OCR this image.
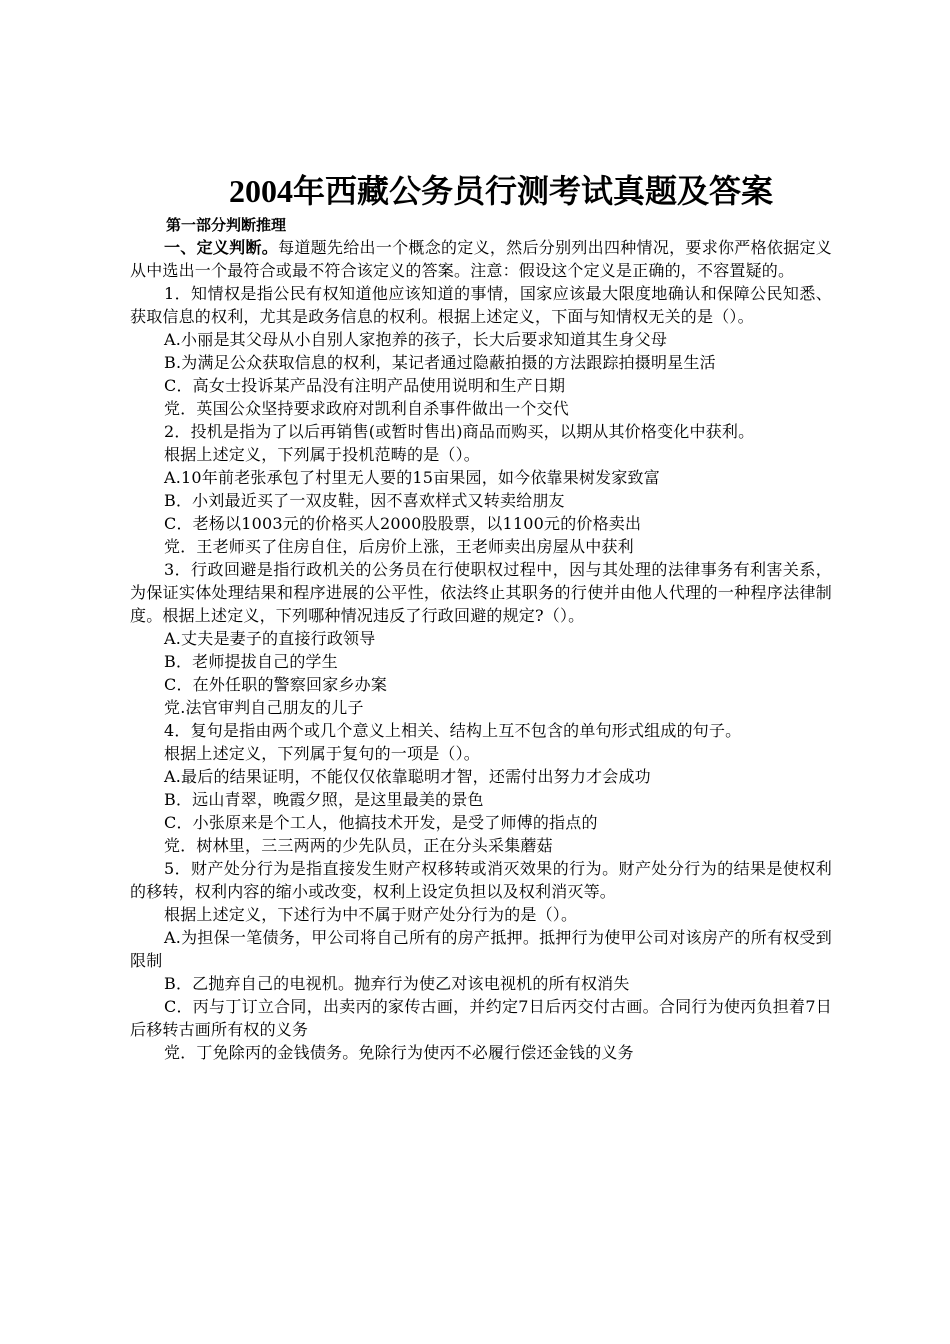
2004年西藏公务员行测考试真题及答案

第一部分判断推理

一、定义判断。每道题先给出一个概念的定义，然后分别列出四种情况，要求你严格依据定义从中选出一个最符合或最不符合该定义的答案。注意：假设这个定义是正确的，不容置疑的。

1．知情权是指公民有权知道他应该知道的事情，国家应该最大限度地确认和保障公民知悉、获取信息的权利，尤其是政务信息的权利。根据上述定义，下面与知情权无关的是（）。

A.小丽是其父母从小自别人家抱养的孩子，长大后要求知道其生身父母

B.为满足公众获取信息的权利，某记者通过隐蔽拍摄的方法跟踪拍摄明星生活

C．高女士投诉某产品没有注明产品使用说明和生产日期

党．英国公众坚持要求政府对凯利自杀事件做出一个交代

2．投机是指为了以后再销售(或暂时售出)商品而购买，以期从其价格变化中获利。

根据上述定义，下列属于投机范畴的是（）。

A.10年前老张承包了村里无人要的15亩果园，如今依靠果树发家致富

B．小刘最近买了一双皮鞋，因不喜欢样式又转卖给朋友

C．老杨以1003元的价格买人2000股股票，以1100元的价格卖出

党．王老师买了住房自住，后房价上涨，王老师卖出房屋从中获利

3．行政回避是指行政机关的公务员在行使职权过程中，因与其处理的法律事务有利害关系，为保证实体处理结果和程序进展的公平性，依法终止其职务的行使并由他人代理的一种程序法律制度。根据上述定义，下列哪种情况违反了行政回避的规定?（）。

A.丈夫是妻子的直接行政领导

B．老师提拔自己的学生

C．在外任职的警察回家乡办案

党.法官审判自己朋友的儿子

4．复句是指由两个或几个意义上相关、结构上互不包含的单句形式组成的句子。

根据上述定义，下列属于复句的一项是（）。

A.最后的结果证明，不能仅仅依靠聪明才智，还需付出努力才会成功

B．远山青翠，晚霞夕照，是这里最美的景色

C．小张原来是个工人，他搞技术开发，是受了师傅的指点的

党．树林里，三三两两的少先队员，正在分头采集蘑菇

5．财产处分行为是指直接发生财产权移转或消灭效果的行为。财产处分行为的结果是使权利的移转，权利内容的缩小或改变，权利上设定负担以及权利消灭等。

根据上述定义，下述行为中不属于财产处分行为的是（）。

A.为担保一笔债务，甲公司将自己所有的房产抵押。抵押行为使甲公司对该房产的所有权受到限制

B．乙抛弃自己的电视机。抛弃行为使乙对该电视机的所有权消失

C．丙与丁订立合同，出卖丙的家传古画，并约定7日后丙交付古画。合同行为使丙负担着7日后移转古画所有权的义务

党．丁免除丙的金钱债务。免除行为使丙不必履行偿还金钱的义务
